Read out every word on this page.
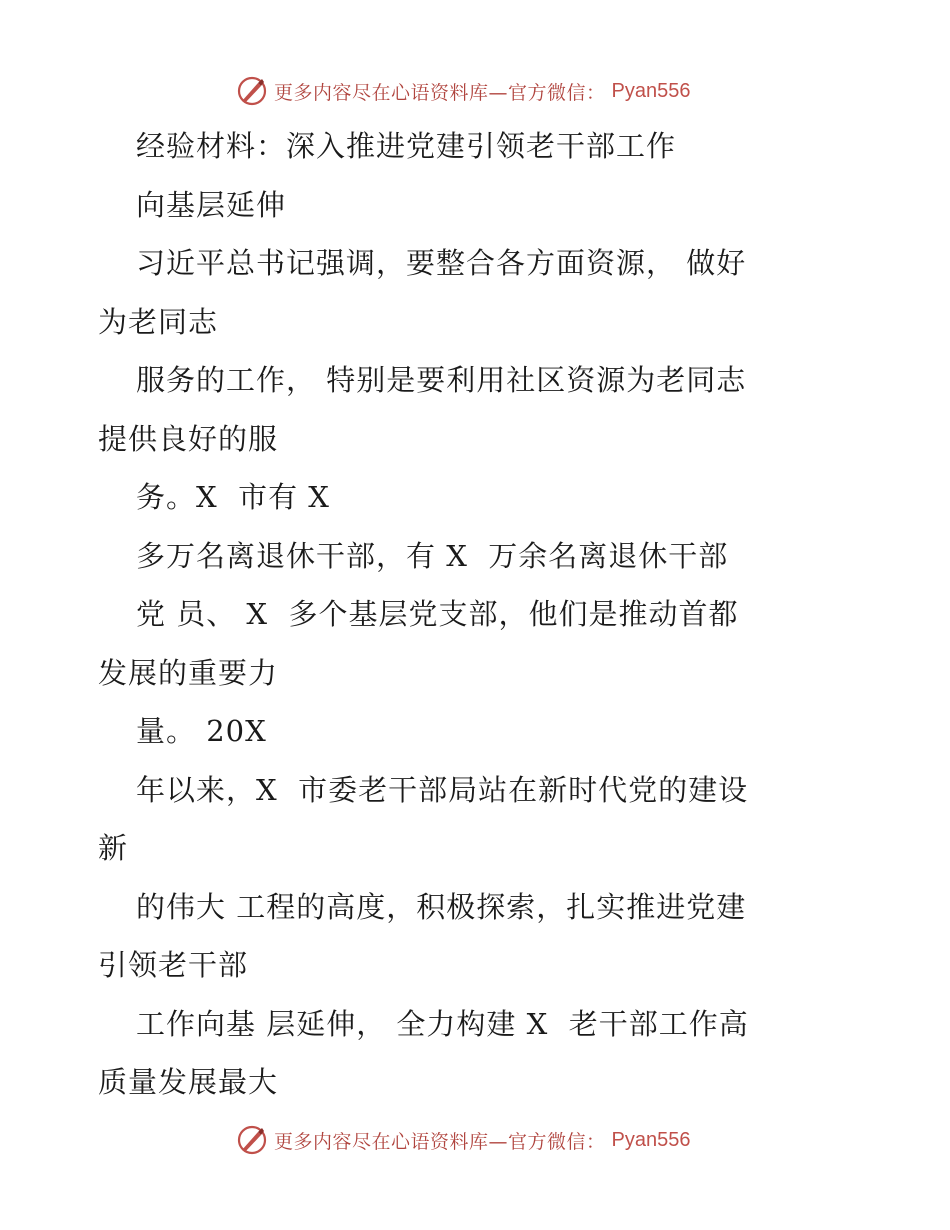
更多内容尽在心语资料库—官方微信： Pyan556
经验材料：深入推进党建引领老干部工作
向基层延伸
习近平总书记强调，要整合各方面资源， 做好
为老同志
服务的工作， 特别是要利用社区资源为老同志
提供良好的服
务。X  市有 X
多万名离退休干部，有 X  万余名离退休干部
党 员、 X  多个基层党支部，他们是推动首都
发展的重要力
量。 20X
年以来，X  市委老干部局站在新时代党的建设
新
的伟大 工程的高度，积极探索，扎实推进党建
引领老干部
工作向基 层延伸， 全力构建 X  老干部工作高
质量发展最大
更多内容尽在心语资料库—官方微信： Pyan556
